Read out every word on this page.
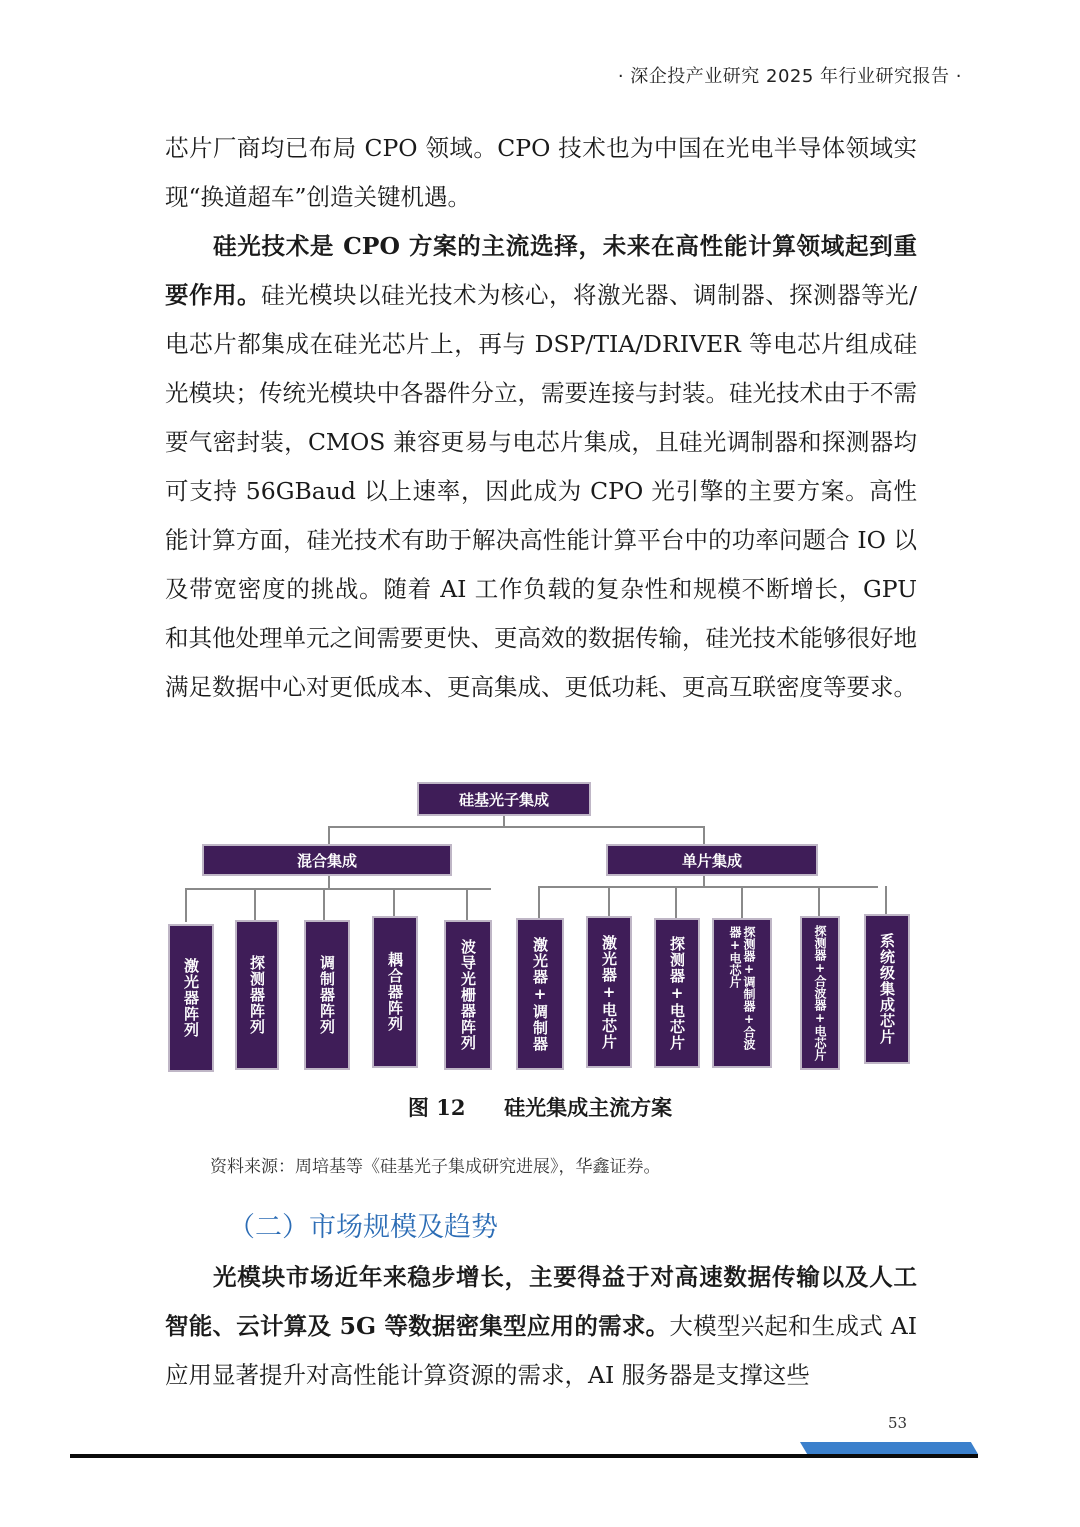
· 深企投产业研究 2025 年行业研究报告 ·

芯片厂商均已布局 CPO 领域。CPO 技术也为中国在光电半导体领域实现“换道超车”创造关键机遇。

硅光技术是 CPO 方案的主流选择，未来在高性能计算领域起到重要作用。硅光模块以硅光技术为核心，将激光器、调制器、探测器等光/电芯片都集成在硅光芯片上，再与 DSP/TIA/DRIVER 等电芯片组成硅光模块；传统光模块中各器件分立，需要连接与封装。硅光技术由于不需要气密封装，CMOS 兼容更易与电芯片集成，且硅光调制器和探测器均可支持 56GBaud 以上速率，因此成为 CPO 光引擎的主要方案。高性能计算方面，硅光技术有助于解决高性能计算平台中的功率问题合 IO 以及带宽密度的挑战。随着 AI 工作负载的复杂性和规模不断增长，GPU 和其他处理单元之间需要更快、更高效的数据传输，硅光技术能够很好地满足数据中心对更低成本、更高集成、更低功耗、更高互联密度等要求。

硅基光子集成
混合集成	单片集成
激光器阵列	探测器阵列	调制器阵列	耦合器阵列	波导光栅器阵列	激光器+调制器	激光器+电芯片	探测器+电芯片	探测器+调制器+合波器+电芯片	探测器+合波器+电芯片	系统级集成芯片
图 12 硅光集成主流方案
资料来源：周培基等《硅基光子集成研究进展》，华鑫证券。
（二）市场规模及趋势

光模块市场近年来稳步增长，主要得益于对高速数据传输以及人工智能、云计算及 5G 等数据密集型应用的需求。大模型兴起和生成式 AI 应用显著提升对高性能计算资源的需求，AI 服务器是支撑这些

53
